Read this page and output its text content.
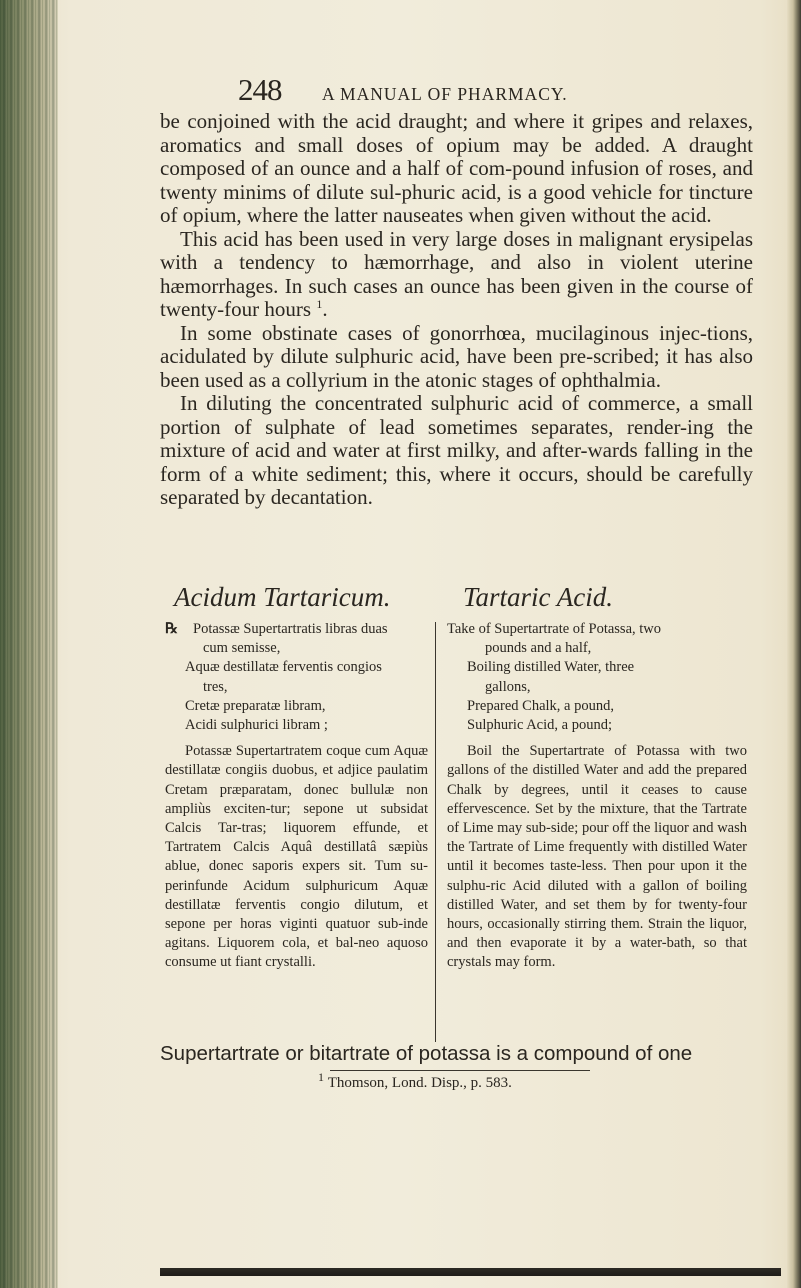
248 A MANUAL OF PHARMACY.

be conjoined with the acid draught; and where it gripes and relaxes, aromatics and small doses of opium may be added. A draught composed of an ounce and a half of com-pound infusion of roses, and twenty minims of dilute sul-phuric acid, is a good vehicle for tincture of opium, where the latter nauseates when given without the acid.

This acid has been used in very large doses in malignant erysipelas with a tendency to hæmorrhage, and also in violent uterine hæmorrhages. In such cases an ounce has been given in the course of twenty-four hours $^1$.

In some obstinate cases of gonorrhœa, mucilaginous injec-tions, acidulated by dilute sulphuric acid, have been pre-scribed; it has also been used as a collyrium in the atonic stages of ophthalmia.

In diluting the concentrated sulphuric acid of commerce, a small portion of sulphate of lead sometimes separates, render-ing the mixture of acid and water at first milky, and after-wards falling in the form of a white sediment; this, where it occurs, should be carefully separated by decantation.

Acidum Tartaricum.	Tartaric Acid.

℞ Potassæ Supertartratis libras duas

cum semisse,

Aquæ destillatæ ferventis congios

tres,

Cretæ preparatæ libram,

Acidi sulphurici libram ;

Potassæ Supertartratem coque cum Aquæ destillatæ congiis duobus, et adjice paulatim Cretam præparatam, donec bullulæ non ampliùs exciten-tur; sepone ut subsidat Calcis Tar-tras; liquorem effunde, et Tartratem Calcis Aquâ destillatâ sæpiùs ablue, donec saporis expers sit. Tum su-perinfunde Acidum sulphuricum Aquæ destillatæ ferventis congio dilutum, et sepone per horas viginti quatuor sub-inde agitans. Liquorem cola, et bal-neo aquoso consume ut fiant crystalli.

Take of Supertartrate of Potassa, two

pounds and a half,

Boiling distilled Water, three

gallons,

Prepared Chalk, a pound,

Sulphuric Acid, a pound;

Boil the Supertartrate of Potassa with two gallons of the distilled Water and add the prepared Chalk by degrees, until it ceases to cause effervescence. Set by the mixture, that the Tartrate of Lime may sub-side; pour off the liquor and wash the Tartrate of Lime frequently with distilled Water until it becomes taste-less. Then pour upon it the sulphu-ric Acid diluted with a gallon of boiling distilled Water, and set them by for twenty-four hours, occasionally stirring them. Strain the liquor, and then evaporate it by a water-bath, so that crystals may form.

Supertartrate or bitartrate of potassa is a compound of one
$^1$ Thomson, Lond. Disp., p. 583.
